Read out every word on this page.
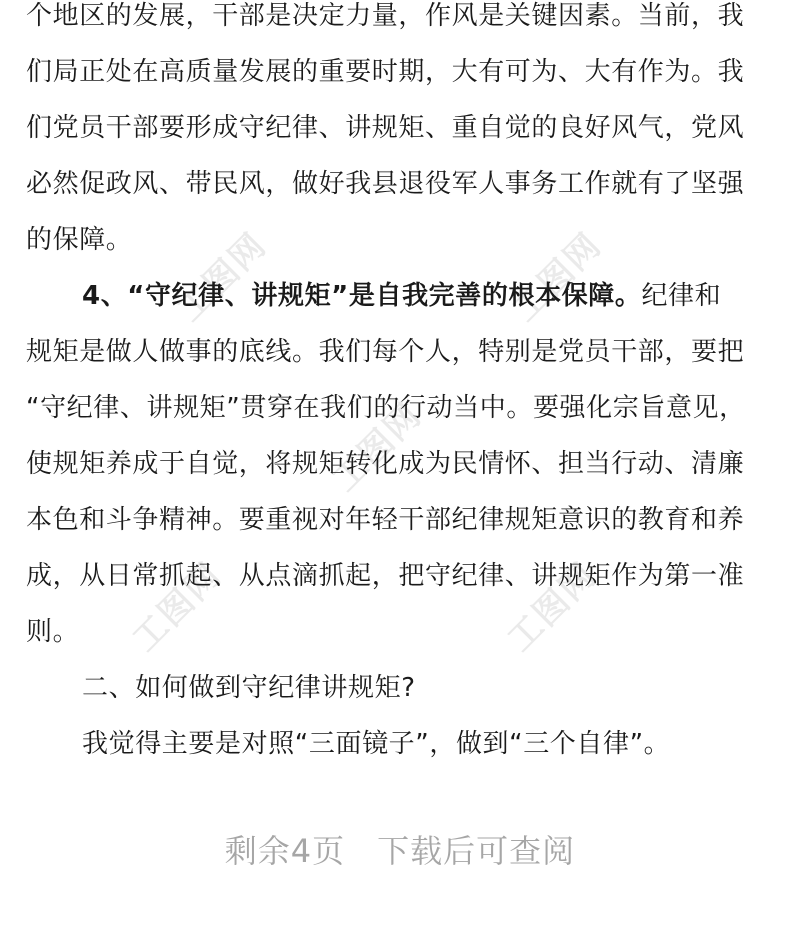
工图网	工图网
工图网
工图网	工图网
个地区的发展，干部是决定力量，作风是关键因素。当前，我
们局正处在高质量发展的重要时期，大有可为、大有作为。我
们党员干部要形成守纪律、讲规矩、重自觉的良好风气，党风
必然促政风、带民风，做好我县退役军人事务工作就有了坚强
的保障。
4、“守纪律、讲规矩”是自我完善的根本保障。纪律和
规矩是做人做事的底线。我们每个人，特别是党员干部，要把
“守纪律、讲规矩”贯穿在我们的行动当中。要强化宗旨意见，
使规矩养成于自觉，将规矩转化成为民情怀、担当行动、清廉
本色和斗争精神。要重视对年轻干部纪律规矩意识的教育和养
成，从日常抓起、从点滴抓起，把守纪律、讲规矩作为第一准
则。
二、如何做到守纪律讲规矩?
我觉得主要是对照“三面镜子”，做到“三个自律”。
剩余4页 下载后可查阅
